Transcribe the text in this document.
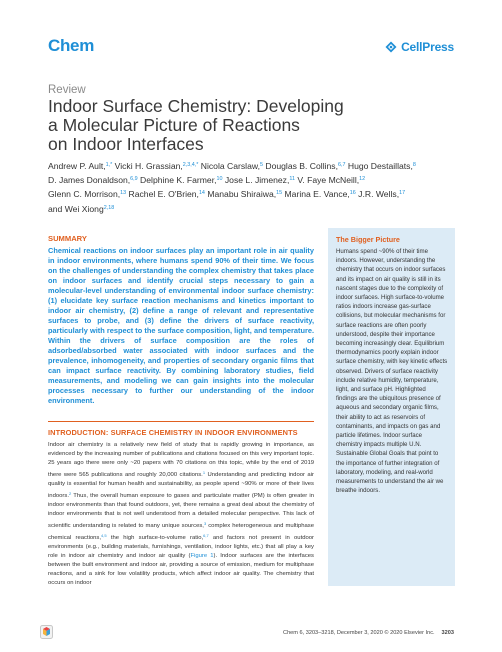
Chem	CellPress
Review
Indoor Surface Chemistry: Developing
a Molecular Picture of Reactions
on Indoor Interfaces
Andrew P. Ault,$^{1,*}$ Vicki H. Grassian,$^{2,3,4,*}$ Nicola Carslaw,$^5$ Douglas B. Collins,$^{6,7}$ Hugo Destaillats,$^8$
D. James Donaldson,$^{6,9}$ Delphine K. Farmer,$^{10}$ Jose L. Jimenez,$^{11}$ V. Faye McNeill,$^{12}$
Glenn C. Morrison,$^{13}$ Rachel E. O'Brien,$^{14}$ Manabu Shiraiwa,$^{15}$ Marina E. Vance,$^{16}$ J.R. Wells,$^{17}$
and Wei Xiong$^{2,18}$
SUMMARY
Chemical reactions on indoor surfaces play an important role in air quality in indoor environments, where humans spend 90% of their time. We focus on the challenges of understanding the complex chemistry that takes place on indoor surfaces and identify crucial steps necessary to gain a molecular-level understanding of environmental indoor surface chemistry: (1) elucidate key surface reaction mechanisms and kinetics important to indoor air chemistry, (2) define a range of relevant and representative surfaces to probe, and (3) define the drivers of surface reactivity, particularly with respect to the surface composition, light, and temperature. Within the drivers of surface composition are the roles of adsorbed/absorbed water associated with indoor surfaces and the prevalence, inhomogeneity, and properties of secondary organic films that can impact surface reactivity. By combining laboratory studies, field measurements, and modeling we can gain insights into the molecular processes necessary to further our understanding of the indoor environment.
INTRODUCTION: SURFACE CHEMISTRY IN INDOOR ENVIRONMENTS
Indoor air chemistry is a relatively new field of study that is rapidly growing in importance, as evidenced by the increasing number of publications and citations focused on this very important topic. 25 years ago there were only ~20 papers with 70 citations on this topic, while by the end of 2019 there were 565 publications and roughly 20,000 citations.$^1$ Understanding and predicting indoor air quality is essential for human health and sustainability, as people spend ~90% or more of their lives indoors.$^2$ Thus, the overall human exposure to gases and particulate matter (PM) is often greater in indoor environments than that found outdoors, yet, there remains a great deal about the chemistry of indoor environments that is not well understood from a detailed molecular perspective. This lack of scientific understanding is related to many unique sources,$^3$ complex heterogeneous and multiphase chemical reactions,$^{4,5}$ the high surface-to-volume ratio,$^{6,7}$ and factors not present in outdoor environments (e.g., building materials, furnishings, ventilation, indoor lights, etc.) that all play a key role in indoor air chemistry and indoor air quality (Figure 1). Indoor surfaces are the interfaces between the built environment and indoor air, providing a source of emission, medium for multiphase reactions, and a sink for low volatility products, which affect indoor air quality. The chemistry that occurs on indoor
The Bigger Picture
Humans spend ~90% of their time indoors. However, understanding the chemistry that occurs on indoor surfaces and its impact on air quality is still in its nascent stages due to the complexity of indoor surfaces. High surface-to-volume ratios indoors increase gas-surface collisions, but molecular mechanisms for surface reactions are often poorly understood, despite their importance becoming increasingly clear. Equilibrium thermodynamics poorly explain indoor surface chemistry, with key kinetic effects observed. Drivers of surface reactivity include relative humidity, temperature, light, and surface pH. Highlighted findings are the ubiquitous presence of aqueous and secondary organic films, their ability to act as reservoirs of contaminants, and impacts on gas and particle lifetimes. Indoor surface chemistry impacts multiple U.N. Sustainable Global Goals that point to the importance of further integration of laboratory, modeling, and real-world measurements to understand the air we breathe indoors.
Chem 6, 3203–3218, December 3, 2020 © 2020 Elsevier Inc. 3203
